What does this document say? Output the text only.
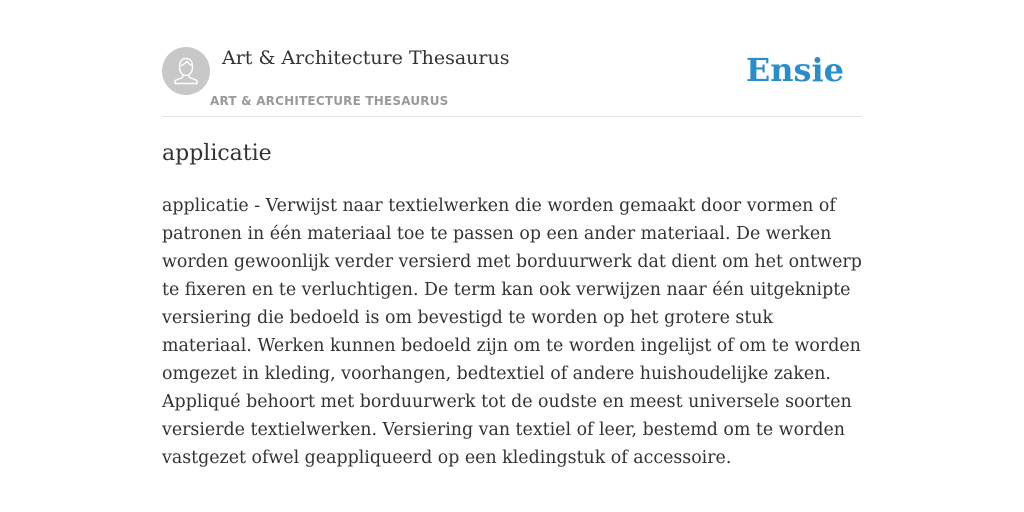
Art & Architecture Thesaurus
ART & ARCHITECTURE THESAURUS
Ensie
applicatie

applicatie - Verwijst naar textielwerken die worden gemaakt door vormen of patronen in één materiaal toe te passen op een ander materiaal. De werken worden gewoonlijk verder versierd met borduurwerk dat dient om het ontwerp te fixeren en te verluchtigen. De term kan ook verwijzen naar één uitgeknipte versiering die bedoeld is om bevestigd te worden op het grotere stuk materiaal. Werken kunnen bedoeld zijn om te worden ingelijst of om te worden omgezet in kleding, voorhangen, bedtextiel of andere huishoudelijke zaken. Appliqué behoort met borduurwerk tot de oudste en meest universele soorten versierde textielwerken. Versiering van textiel of leer, bestemd om te worden vastgezet ofwel geappliqueerd op een kledingstuk of accessoire.
